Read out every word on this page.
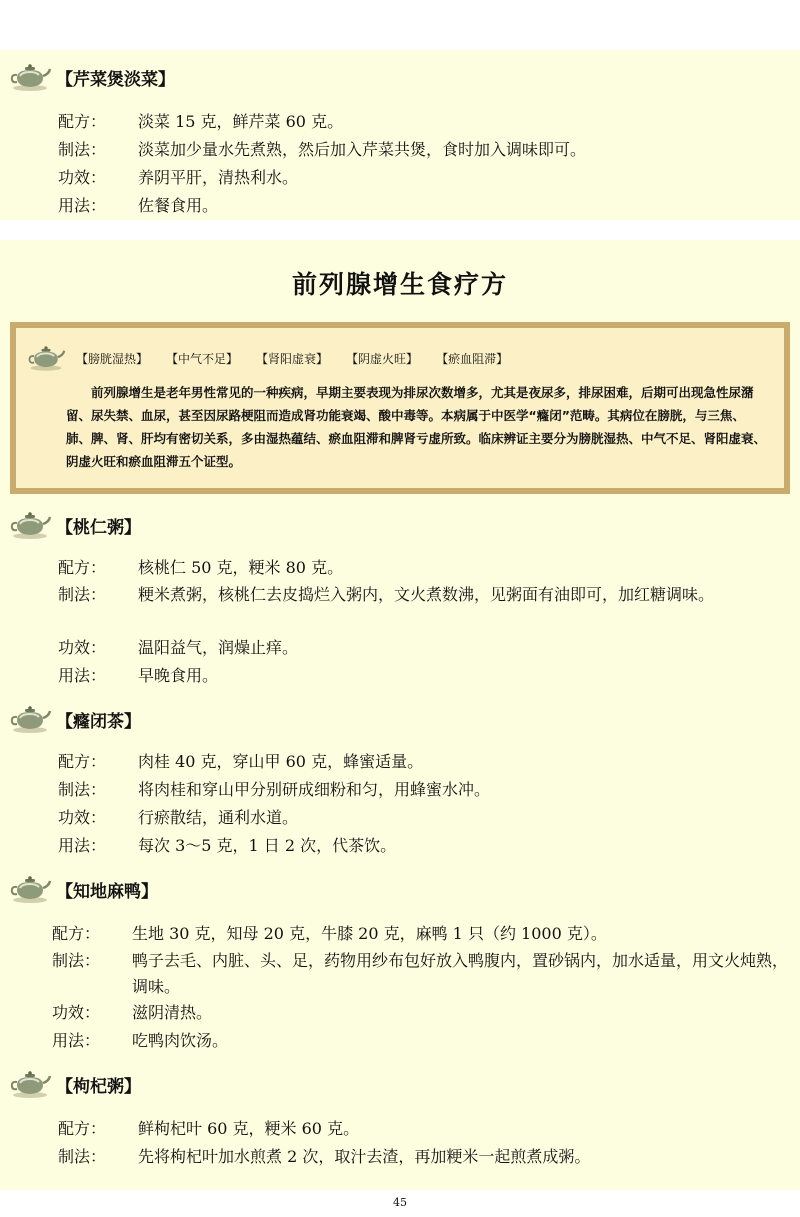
【芹菜煲淡菜】
配方：	淡菜 15 克，鲜芹菜 60 克。
制法：	淡菜加少量水先煮熟，然后加入芹菜共煲，食时加入调味即可。
功效：	养阴平肝，清热利水。
用法：	佐餐食用。
前列腺增生食疗方
【膀胱湿热】 【中气不足】 【肾阳虚衰】 【阴虚火旺】 【瘀血阻滞】
前列腺增生是老年男性常见的一种疾病，早期主要表现为排尿次数增多，尤其是夜尿多，排尿困难，后期可出现急性尿潴留、尿失禁、血尿，甚至因尿路梗阻而造成肾功能衰竭、酸中毒等。本病属于中医学“癃闭”范畴。其病位在膀胱，与三焦、肺、脾、肾、肝均有密切关系，多由湿热蕴结、瘀血阻滞和脾肾亏虚所致。临床辨证主要分为膀胱湿热、中气不足、肾阳虚衰、阴虚火旺和瘀血阻滞五个证型。
【桃仁粥】
配方：	核桃仁 50 克，粳米 80 克。
制法：	粳米煮粥，核桃仁去皮捣烂入粥内，文火煮数沸，见粥面有油即可，加红糖调味。
功效：	温阳益气，润燥止痒。
用法：	早晚食用。
【癃闭茶】
配方：	肉桂 40 克，穿山甲 60 克，蜂蜜适量。
制法：	将肉桂和穿山甲分别研成细粉和匀，用蜂蜜水冲。
功效：	行瘀散结，通利水道。
用法：	每次 3～5 克，1 日 2 次，代茶饮。
【知地麻鸭】
配方：	生地 30 克，知母 20 克，牛膝 20 克，麻鸭 1 只（约 1000 克）。
制法：	鸭子去毛、内脏、头、足，药物用纱布包好放入鸭腹内，置砂锅内，加水适量，用文火炖熟，调味。
功效：	滋阴清热。
用法：	吃鸭肉饮汤。
【枸杞粥】
配方：	鲜枸杞叶 60 克，粳米 60 克。
制法：	先将枸杞叶加水煎煮 2 次，取汁去渣，再加粳米一起煎煮成粥。
45
